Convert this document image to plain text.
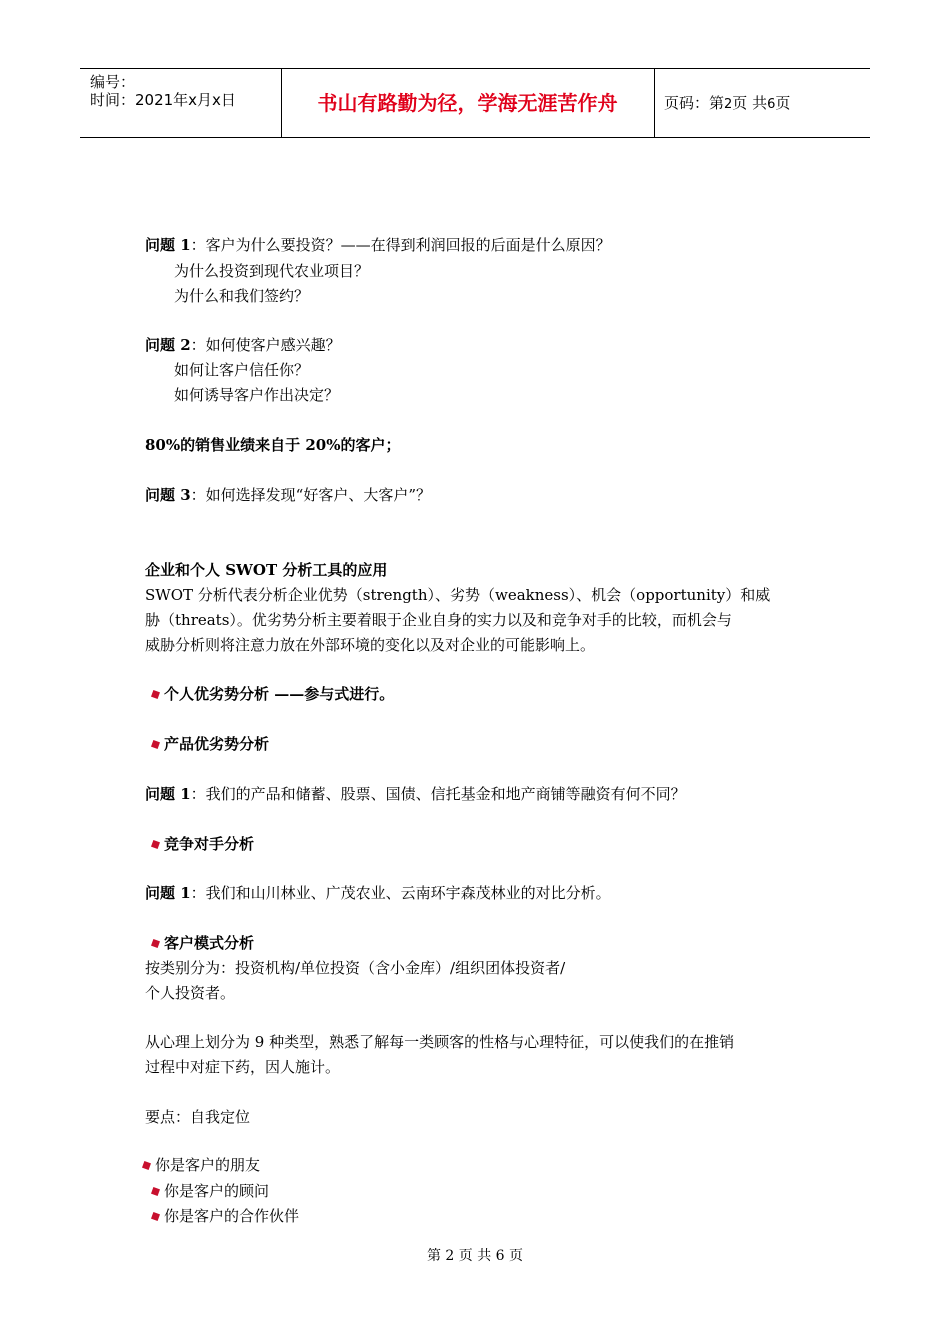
编号：
时间：2021年x月x日	书山有路勤为径，学海无涯苦作舟	页码：第2页 共6页
问题 1：客户为什么要投资？——在得到利润回报的后面是什么原因？
为什么投资到现代农业项目？
为什么和我们签约？
问题 2：如何使客户感兴趣？
如何让客户信任你？
如何诱导客户作出决定？
80%的销售业绩来自于 20%的客户；
问题 3：如何选择发现“好客户、大客户”？
企业和个人 SWOT 分析工具的应用
SWOT 分析代表分析企业优势（strength）、劣势（weakness）、机会（opportunity）和威
胁（threats）。优劣势分析主要着眼于企业自身的实力以及和竞争对手的比较，而机会与
威胁分析则将注意力放在外部环境的变化以及对企业的可能影响上。
个人优劣势分析 ——参与式进行。
产品优劣势分析
问题 1：我们的产品和储蓄、股票、国债、信托基金和地产商铺等融资有何不同？
竞争对手分析
问题 1：我们和山川林业、广茂农业、云南环宇森茂林业的对比分析。
客户模式分析
按类别分为：投资机构/单位投资（含小金库）/组织团体投资者/
个人投资者。
从心理上划分为 9 种类型，熟悉了解每一类顾客的性格与心理特征，可以使我们的在推销
过程中对症下药，因人施计。
要点：自我定位
你是客户的朋友
你是客户的顾问
你是客户的合作伙伴
第 2 页 共 6 页
